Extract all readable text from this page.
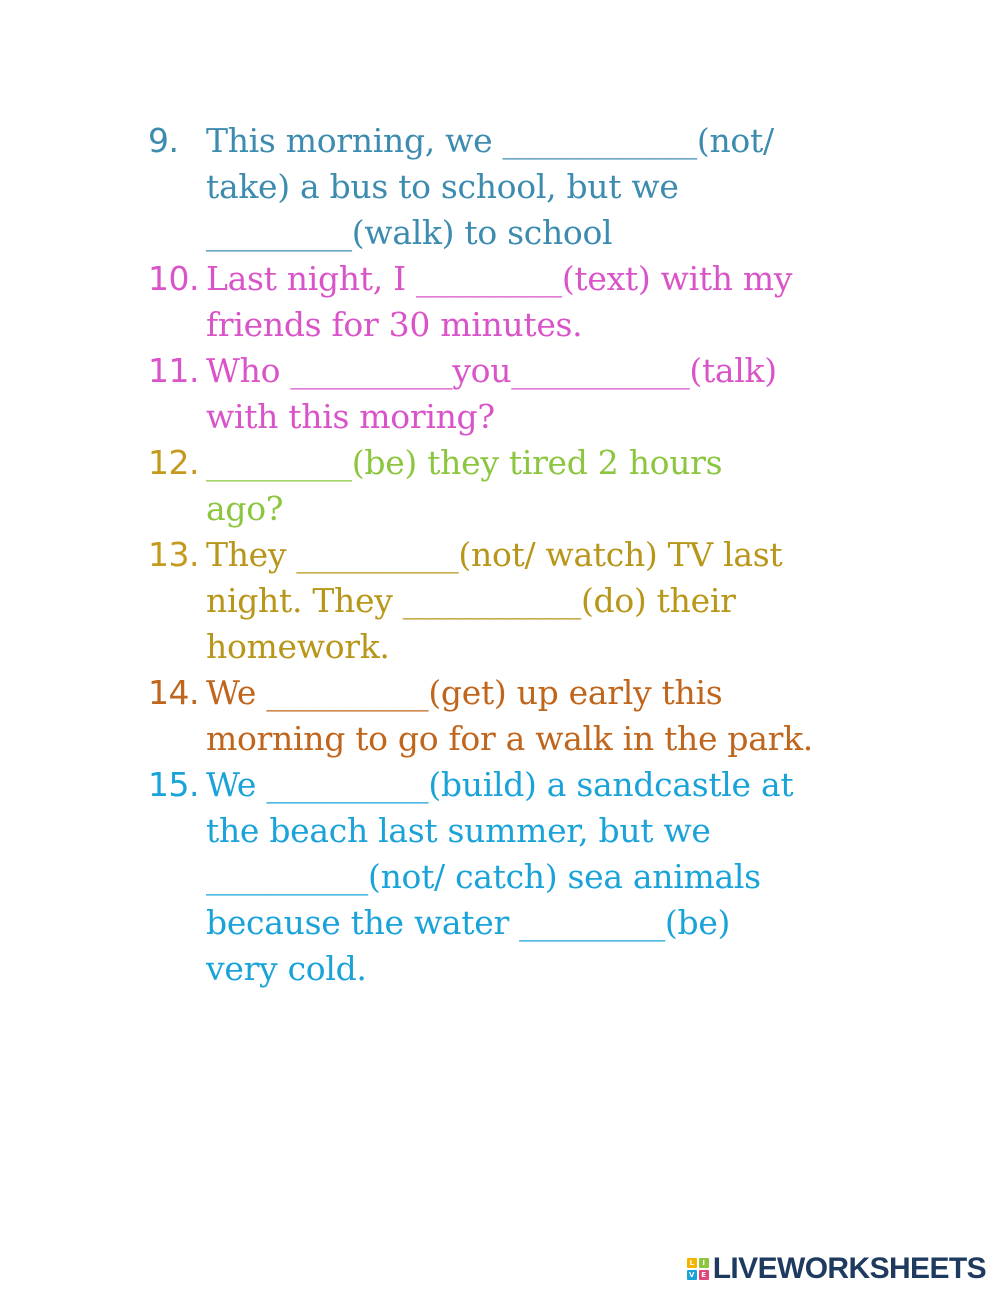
9. This morning, we ____________(not/
take) a bus to school, but we
_________(walk) to school
10. Last night, I _________(text) with my
friends for 30 minutes.
11. Who __________you___________(talk)
with this moring?
12. _________(be) they tired 2 hours
ago?
13. They __________(not/ watch) TV last
night. They ___________(do) their
homework.
14. We __________(get) up early this
morning to go for a walk in the park.
15. We __________(build) a sandcastle at
the beach last summer, but we
__________(not/ catch) sea animals
because the water _________(be)
very cold.
L	I
V E LIVEWORKSHEETS
